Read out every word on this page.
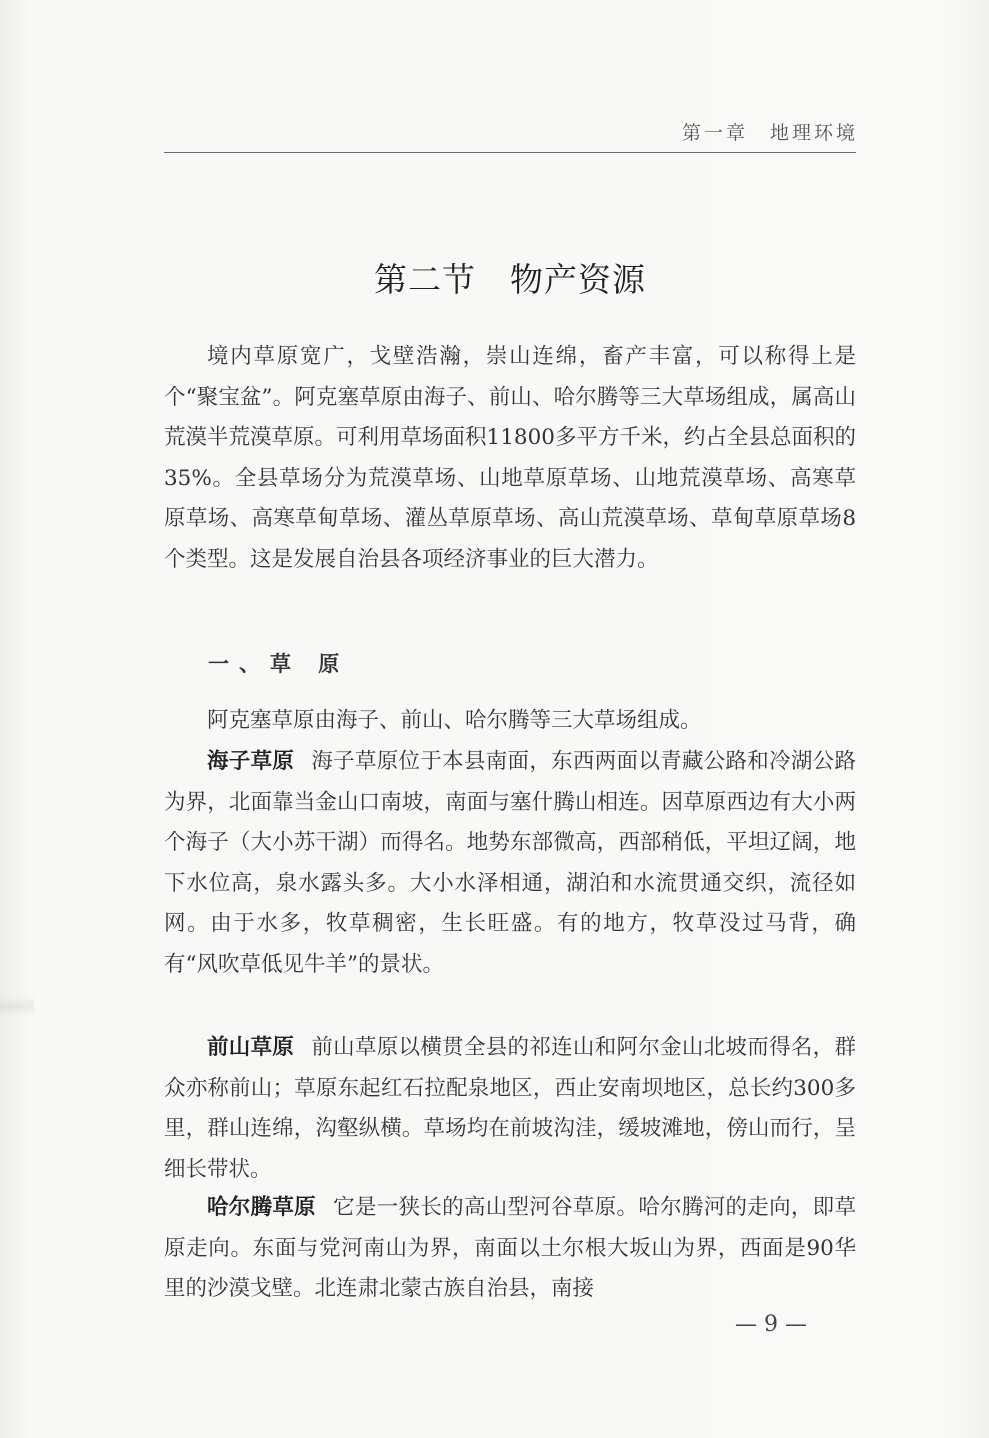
第一章 地理环境
第二节 物产资源

境内草原宽广，戈壁浩瀚，崇山连绵，畜产丰富，可以称得上是个“聚宝盆”。阿克塞草原由海子、前山、哈尔腾等三大草场组成，属高山荒漠半荒漠草原。可利用草场面积11800多平方千米，约占全县总面积的35%。全县草场分为荒漠草场、山地草原草场、山地荒漠草场、高寒草原草场、高寒草甸草场、灌丛草原草场、高山荒漠草场、草甸草原草场8个类型。这是发展自治县各项经济事业的巨大潜力。

一、草 原

阿克塞草原由海子、前山、哈尔腾等三大草场组成。

海子草原 海子草原位于本县南面，东西两面以青藏公路和冷湖公路为界，北面靠当金山口南坡，南面与塞什腾山相连。因草原西边有大小两个海子（大小苏干湖）而得名。地势东部微高，西部稍低，平坦辽阔，地下水位高，泉水露头多。大小水泽相通，湖泊和水流贯通交织，流径如网。由于水多，牧草稠密，生长旺盛。有的地方，牧草没过马背，确有“风吹草低见牛羊”的景状。

前山草原 前山草原以横贯全县的祁连山和阿尔金山北坡而得名，群众亦称前山；草原东起红石拉配泉地区，西止安南坝地区，总长约300多里，群山连绵，沟壑纵横。草场均在前坡沟洼，缓坡滩地，傍山而行，呈细长带状。

哈尔腾草原 它是一狭长的高山型河谷草原。哈尔腾河的走向，即草原走向。东面与党河南山为界，南面以土尔根大坂山为界，西面是90华里的沙漠戈壁。北连肃北蒙古族自治县，南接

— 9 —
